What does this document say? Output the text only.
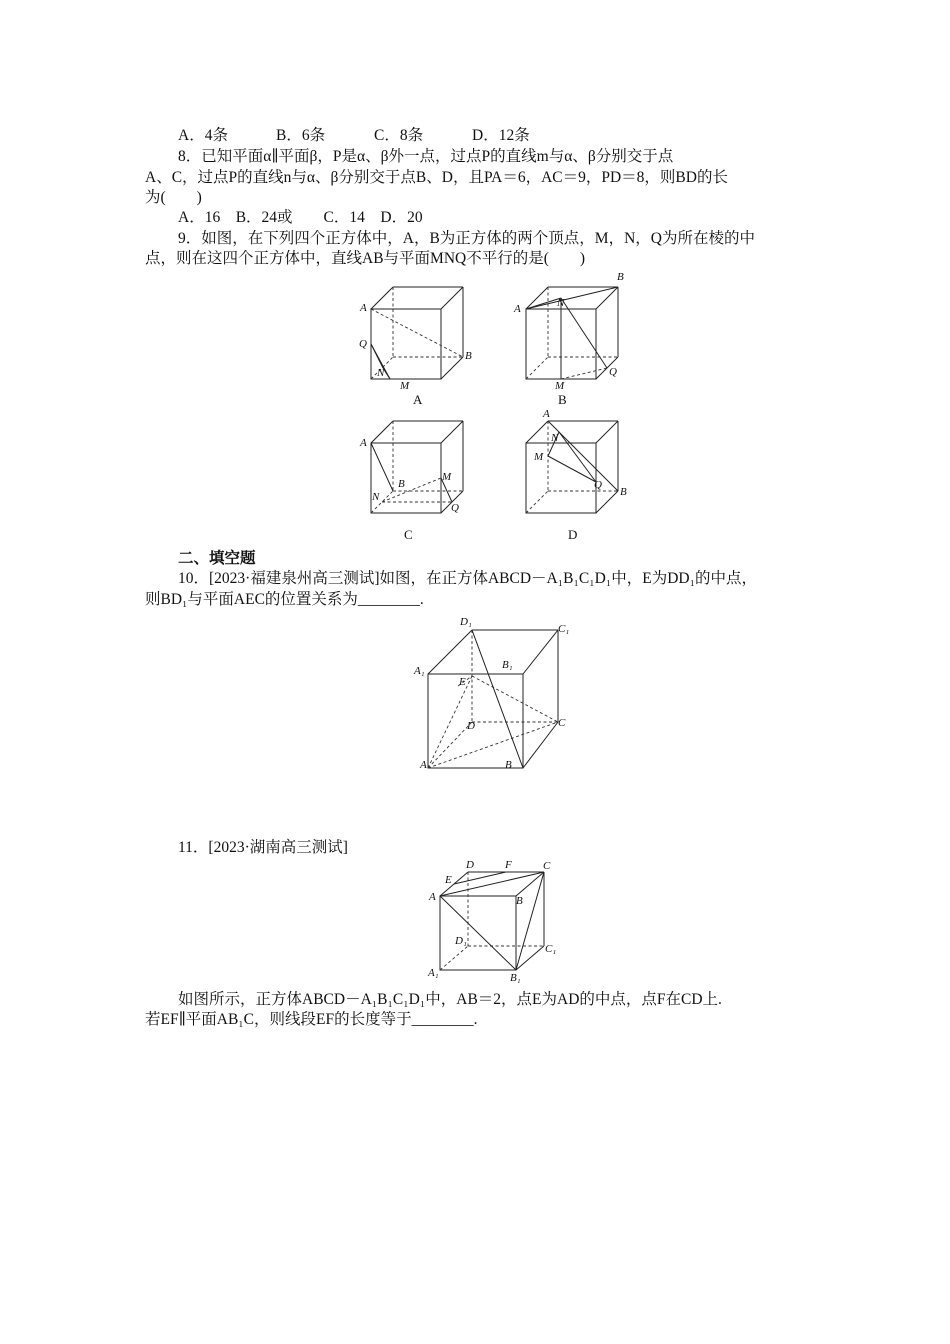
A．4条	B．6条	C．8条	D．12条
8．已知平面α∥平面β，P是α、β外一点，过点P的直线m与α、β分别交于点
A、C，过点P的直线n与α、β分别交于点B、D，且PA＝6，AC＝9，PD＝8，则BD的长
为(　　)
A．16　B．24或　　C．14　D．20
9．如图，在下列四个正方体中，A，B为正方体的两个顶点，M，N，Q为所在棱的中
点，则在这四个正方体中，直线AB与平面MNQ不平行的是(　　)
A
Q
N
M
B
A
B
A	N
M
Q
B
A
M
B
N
Q
C
A
N
M
Q
B
D
二、填空题
10．[2023·福建泉州高三测试]如图，在正方体ABCD－A₁B₁C₁D₁中，E为DD₁的中点，
则BD₁与平面AEC的位置关系为________.
D₁
C₁
A₁	B₁
E
D	C
A	B
11．[2023·湖南高三测试]
D	F	C
E
A	B
D₁
C₁
A₁	B₁
如图所示，正方体ABCD－A₁B₁C₁D₁中，AB＝2，点E为AD的中点，点F在CD上.
若EF∥平面AB₁C，则线段EF的长度等于________.
